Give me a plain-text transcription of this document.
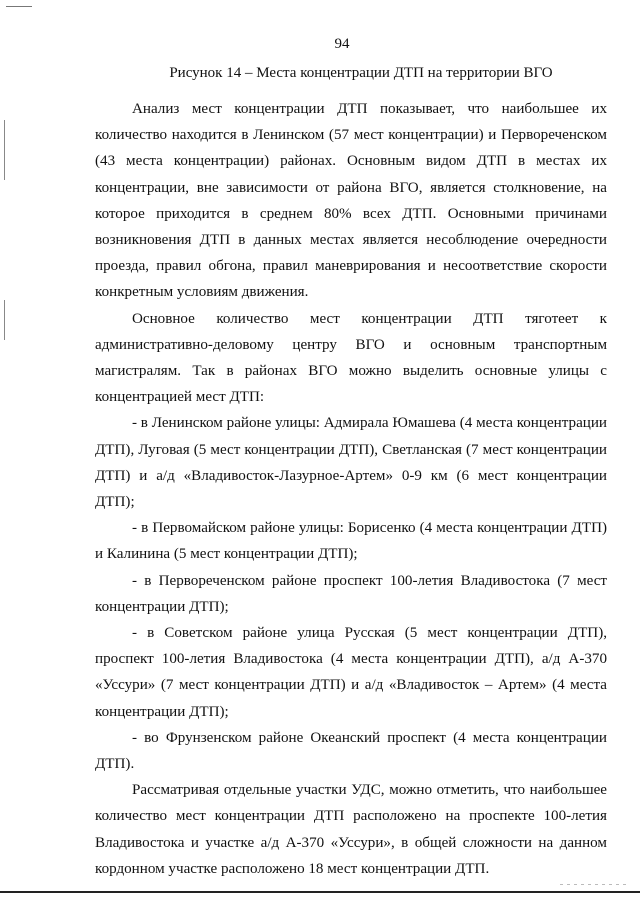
94
Рисунок 14 – Места концентрации ДТП на территории ВГО

Анализ мест концентрации ДТП показывает, что наибольшее их количество находится в Ленинском (57 мест концентрации) и Первореченском (43 места концентрации) районах. Основным видом ДТП в местах их концентрации, вне зависимости от района ВГО, является столкновение, на которое приходится в среднем 80% всех ДТП. Основными причинами возникновения ДТП в данных местах является несоблюдение очередности проезда, правил обгона, правил маневрирования и несоответствие скорости конкретным условиям движения.

Основное количество мест концентрации ДТП тяготеет к административно-деловому центру ВГО и основным транспортным магистралям. Так в районах ВГО можно выделить основные улицы с концентрацией мест ДТП:

- в Ленинском районе улицы: Адмирала Юмашева (4 места концентрации ДТП), Луговая (5 мест концентрации ДТП), Светланская (7 мест концентрации ДТП) и а/д «Владивосток-Лазурное-Артем» 0-9 км (6 мест концентрации ДТП);

- в Первомайском районе улицы: Борисенко (4 места концентрации ДТП) и Калинина (5 мест концентрации ДТП);

- в Первореченском районе проспект 100-летия Владивостока (7 мест концентрации ДТП);

- в Советском районе улица Русская (5 мест концентрации ДТП), проспект 100-летия Владивостока (4 места концентрации ДТП), а/д А-370 «Уссури» (7 мест концентрации ДТП) и а/д «Владивосток – Артем» (4 места концентрации ДТП);

- во Фрунзенском районе Океанский проспект (4 места концентрации ДТП).

Рассматривая отдельные участки УДС, можно отметить, что наибольшее количество мест концентрации ДТП расположено на проспекте 100-летия Владивостока и участке а/д А-370 «Уссури», в общей сложности на данном кордонном участке расположено 18 мест концентрации ДТП.
